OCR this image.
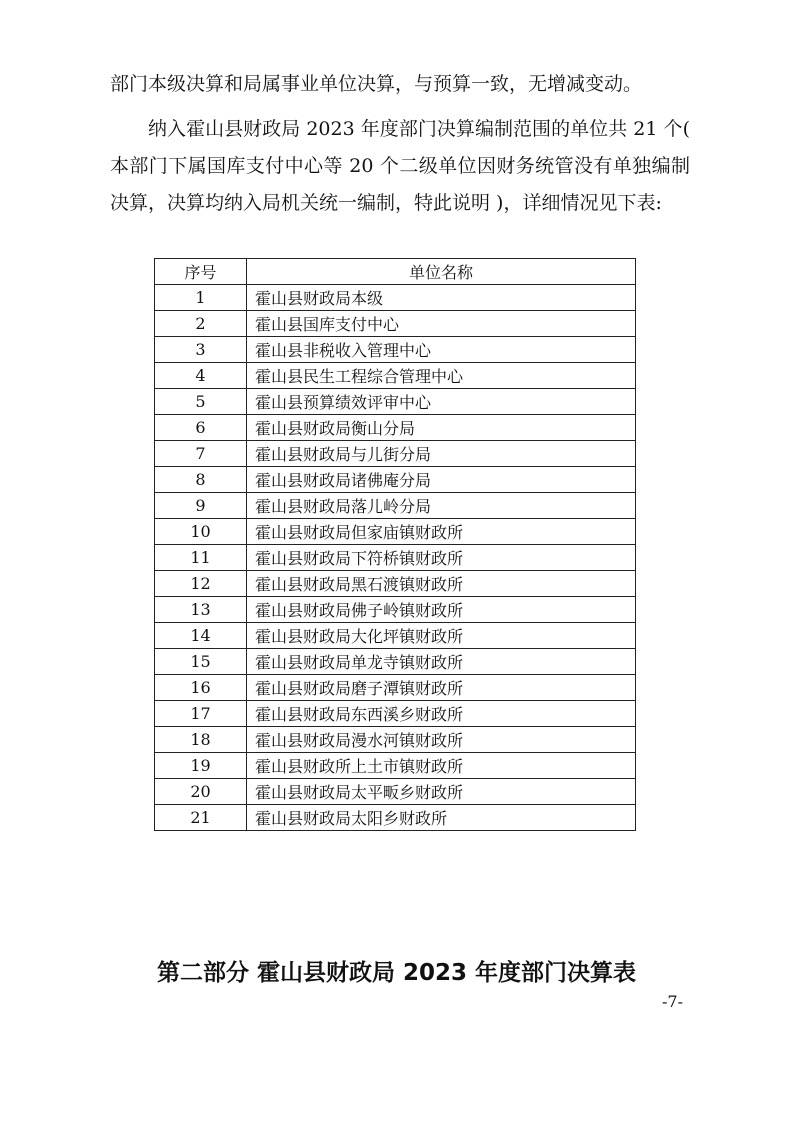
部门本级决算和局属事业单位决算，与预算一致，无增减变动。

纳入霍山县财政局 2023 年度部门决算编制范围的单位共 21 个( 本部门下属国库支付中心等 20 个二级单位因财务统管没有单独编制决算，决算均纳入局机关统一编制，特此说明 )，详细情况见下表:

序号	单位名称
1	霍山县财政局本级
2	霍山县国库支付中心
3	霍山县非税收入管理中心
4	霍山县民生工程综合管理中心
5	霍山县预算绩效评审中心
6	霍山县财政局衡山分局
7	霍山县财政局与儿街分局
8	霍山县财政局诸佛庵分局
9	霍山县财政局落儿岭分局
10	霍山县财政局但家庙镇财政所
11	霍山县财政局下符桥镇财政所
12	霍山县财政局黑石渡镇财政所
13	霍山县财政局佛子岭镇财政所
14	霍山县财政局大化坪镇财政所
15	霍山县财政局单龙寺镇财政所
16	霍山县财政局磨子潭镇财政所
17	霍山县财政局东西溪乡财政所
18	霍山县财政局漫水河镇财政所
19	霍山县财政所上土市镇财政所
20	霍山县财政局太平畈乡财政所
21	霍山县财政局太阳乡财政所
第二部分 霍山县财政局 2023 年度部门决算表
-7-
